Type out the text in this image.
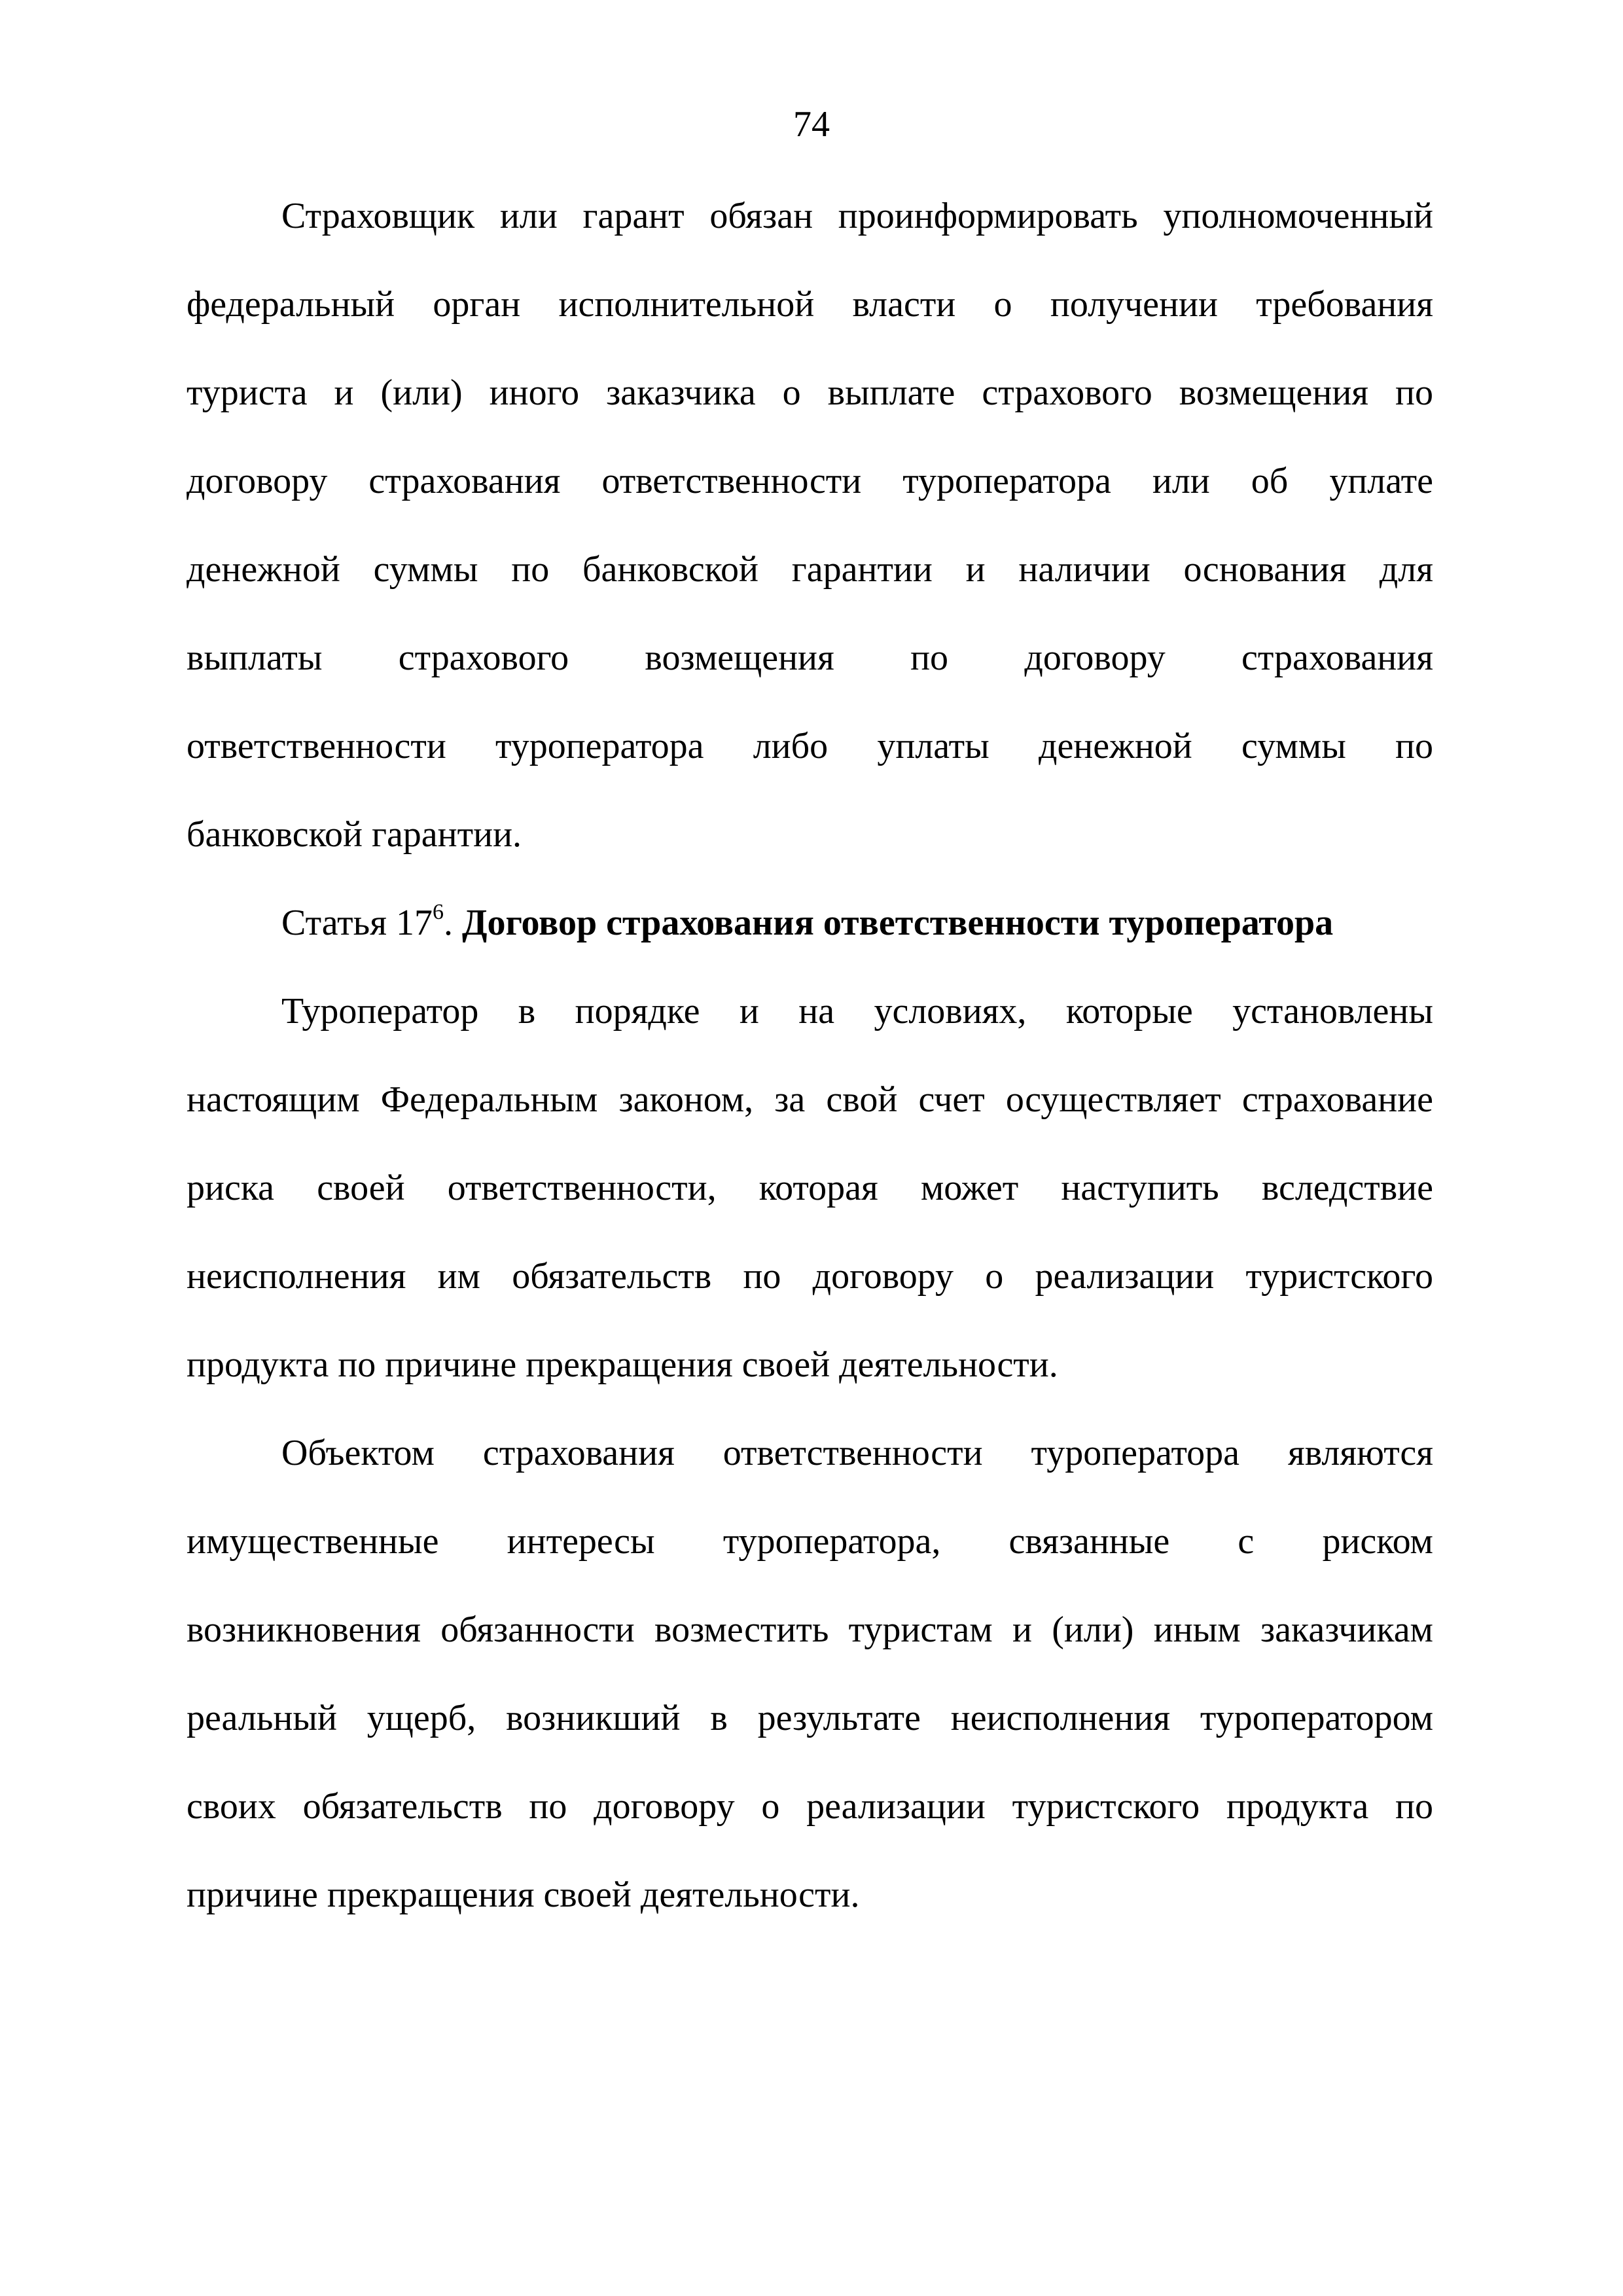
74
Страховщик или гарант обязан проинформировать уполномоченный
федеральный орган исполнительной власти о получении требования
туриста и (или) иного заказчика о выплате страхового возмещения по
договору страхования ответственности туроператора или об уплате
денежной суммы по банковской гарантии и наличии основания для
выплаты страхового возмещения по договору страхования
ответственности туроператора либо уплаты денежной суммы по
банковской гарантии.
Статья $17^6$. Договор страхования ответственности туроператора
Туроператор в порядке и на условиях, которые установлены
настоящим Федеральным законом, за свой счет осуществляет страхование
риска своей ответственности, которая может наступить вследствие
неисполнения им обязательств по договору о реализации туристского
продукта по причине прекращения своей деятельности.
Объектом страхования ответственности туроператора являются
имущественные интересы туроператора, связанные с риском
возникновения обязанности возместить туристам и (или) иным заказчикам
реальный ущерб, возникший в результате неисполнения туроператором
своих обязательств по договору о реализации туристского продукта по
причине прекращения своей деятельности.
